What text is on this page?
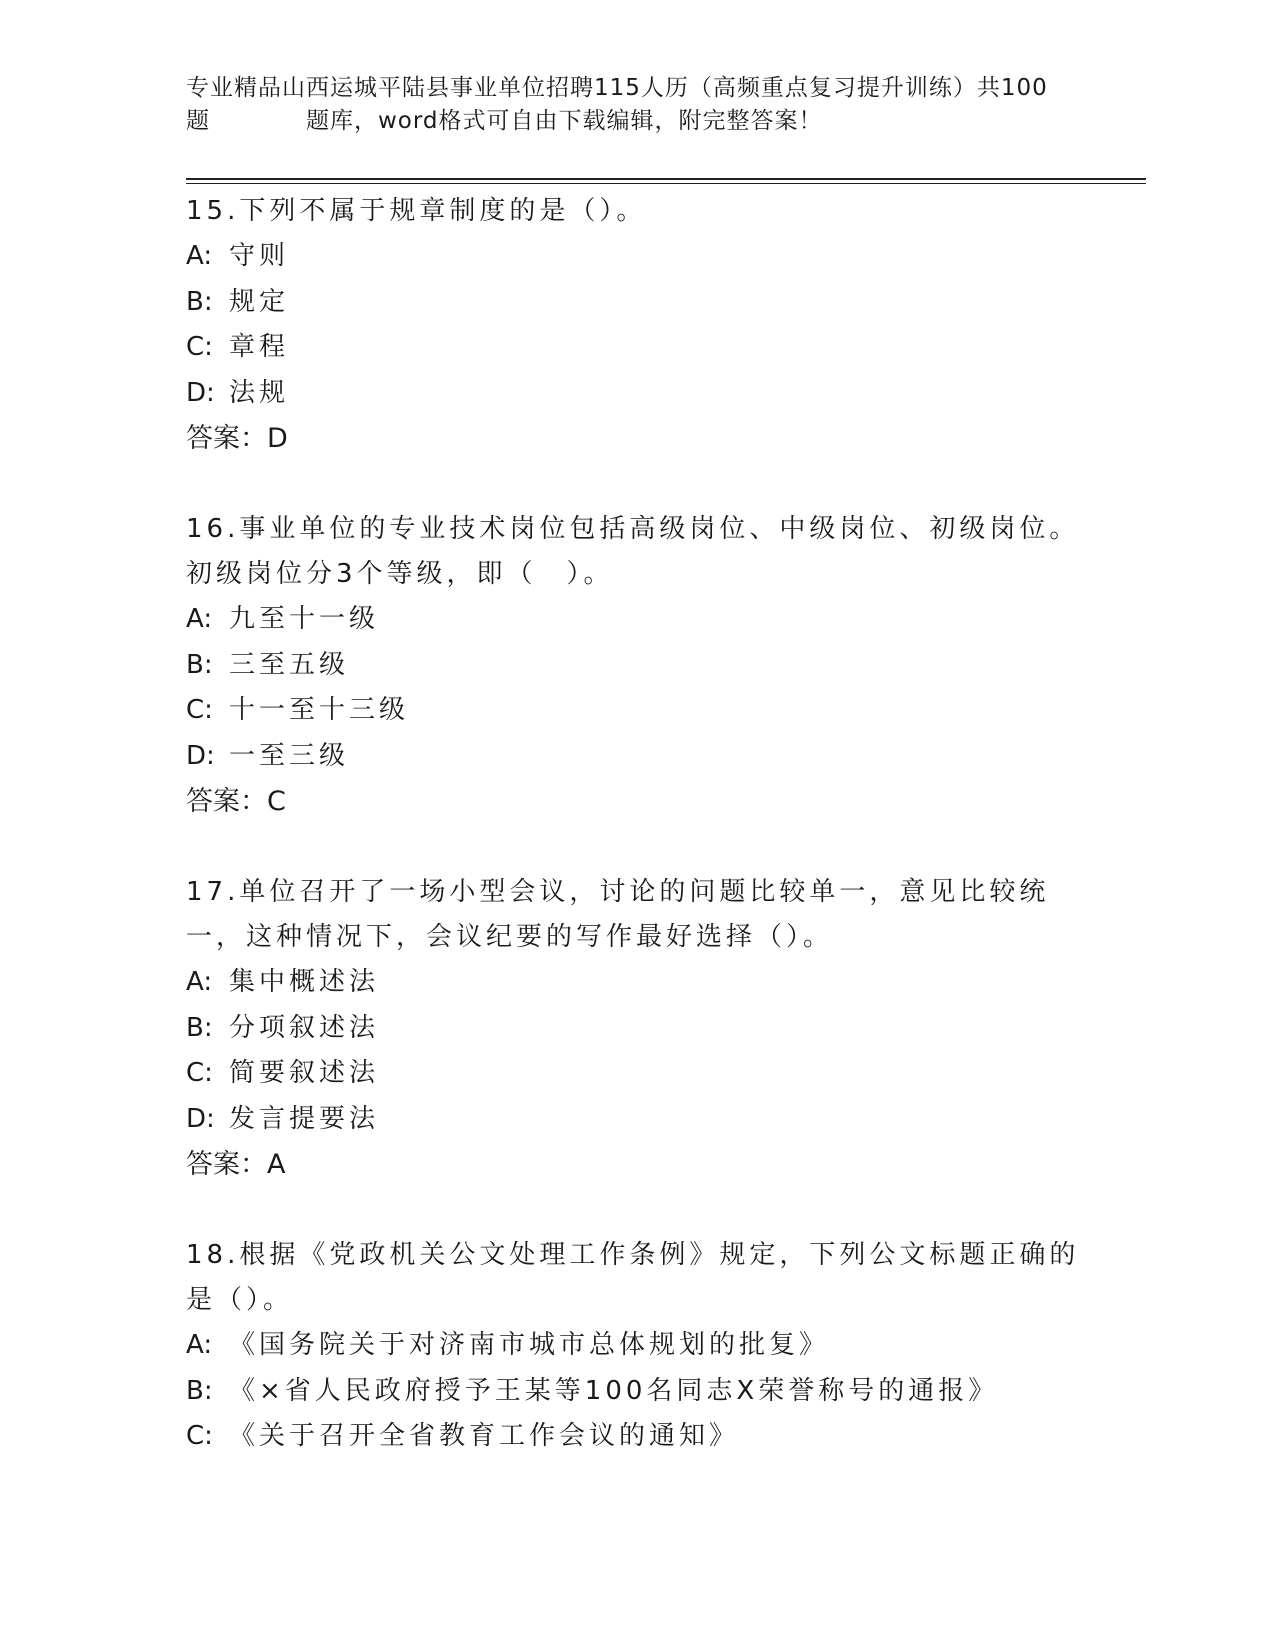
专业精品山西运城平陆县事业单位招聘115人历（高频重点复习提升训练）共100
题	题库，word格式可自由下载编辑，附完整答案！

15.下列不属于规章制度的是（）。

A: 守则
B: 规定
C: 章程
D: 法规
答案：D

16.事业单位的专业技术岗位包括高级岗位、中级岗位、初级岗位。初级岗位分3个等级，即（　）。

A: 九至十一级
B: 三至五级
C: 十一至十三级
D: 一至三级
答案：C

17.单位召开了一场小型会议，讨论的问题比较单一，意见比较统一，这种情况下，会议纪要的写作最好选择（）。

A: 集中概述法
B: 分项叙述法
C: 简要叙述法
D: 发言提要法
答案：A

18.根据《党政机关公文处理工作条例》规定，下列公文标题正确的是（）。

A: 《国务院关于对济南市城市总体规划的批复》
B: 《×省人民政府授予王某等100名同志X荣誉称号的通报》
C: 《关于召开全省教育工作会议的通知》
